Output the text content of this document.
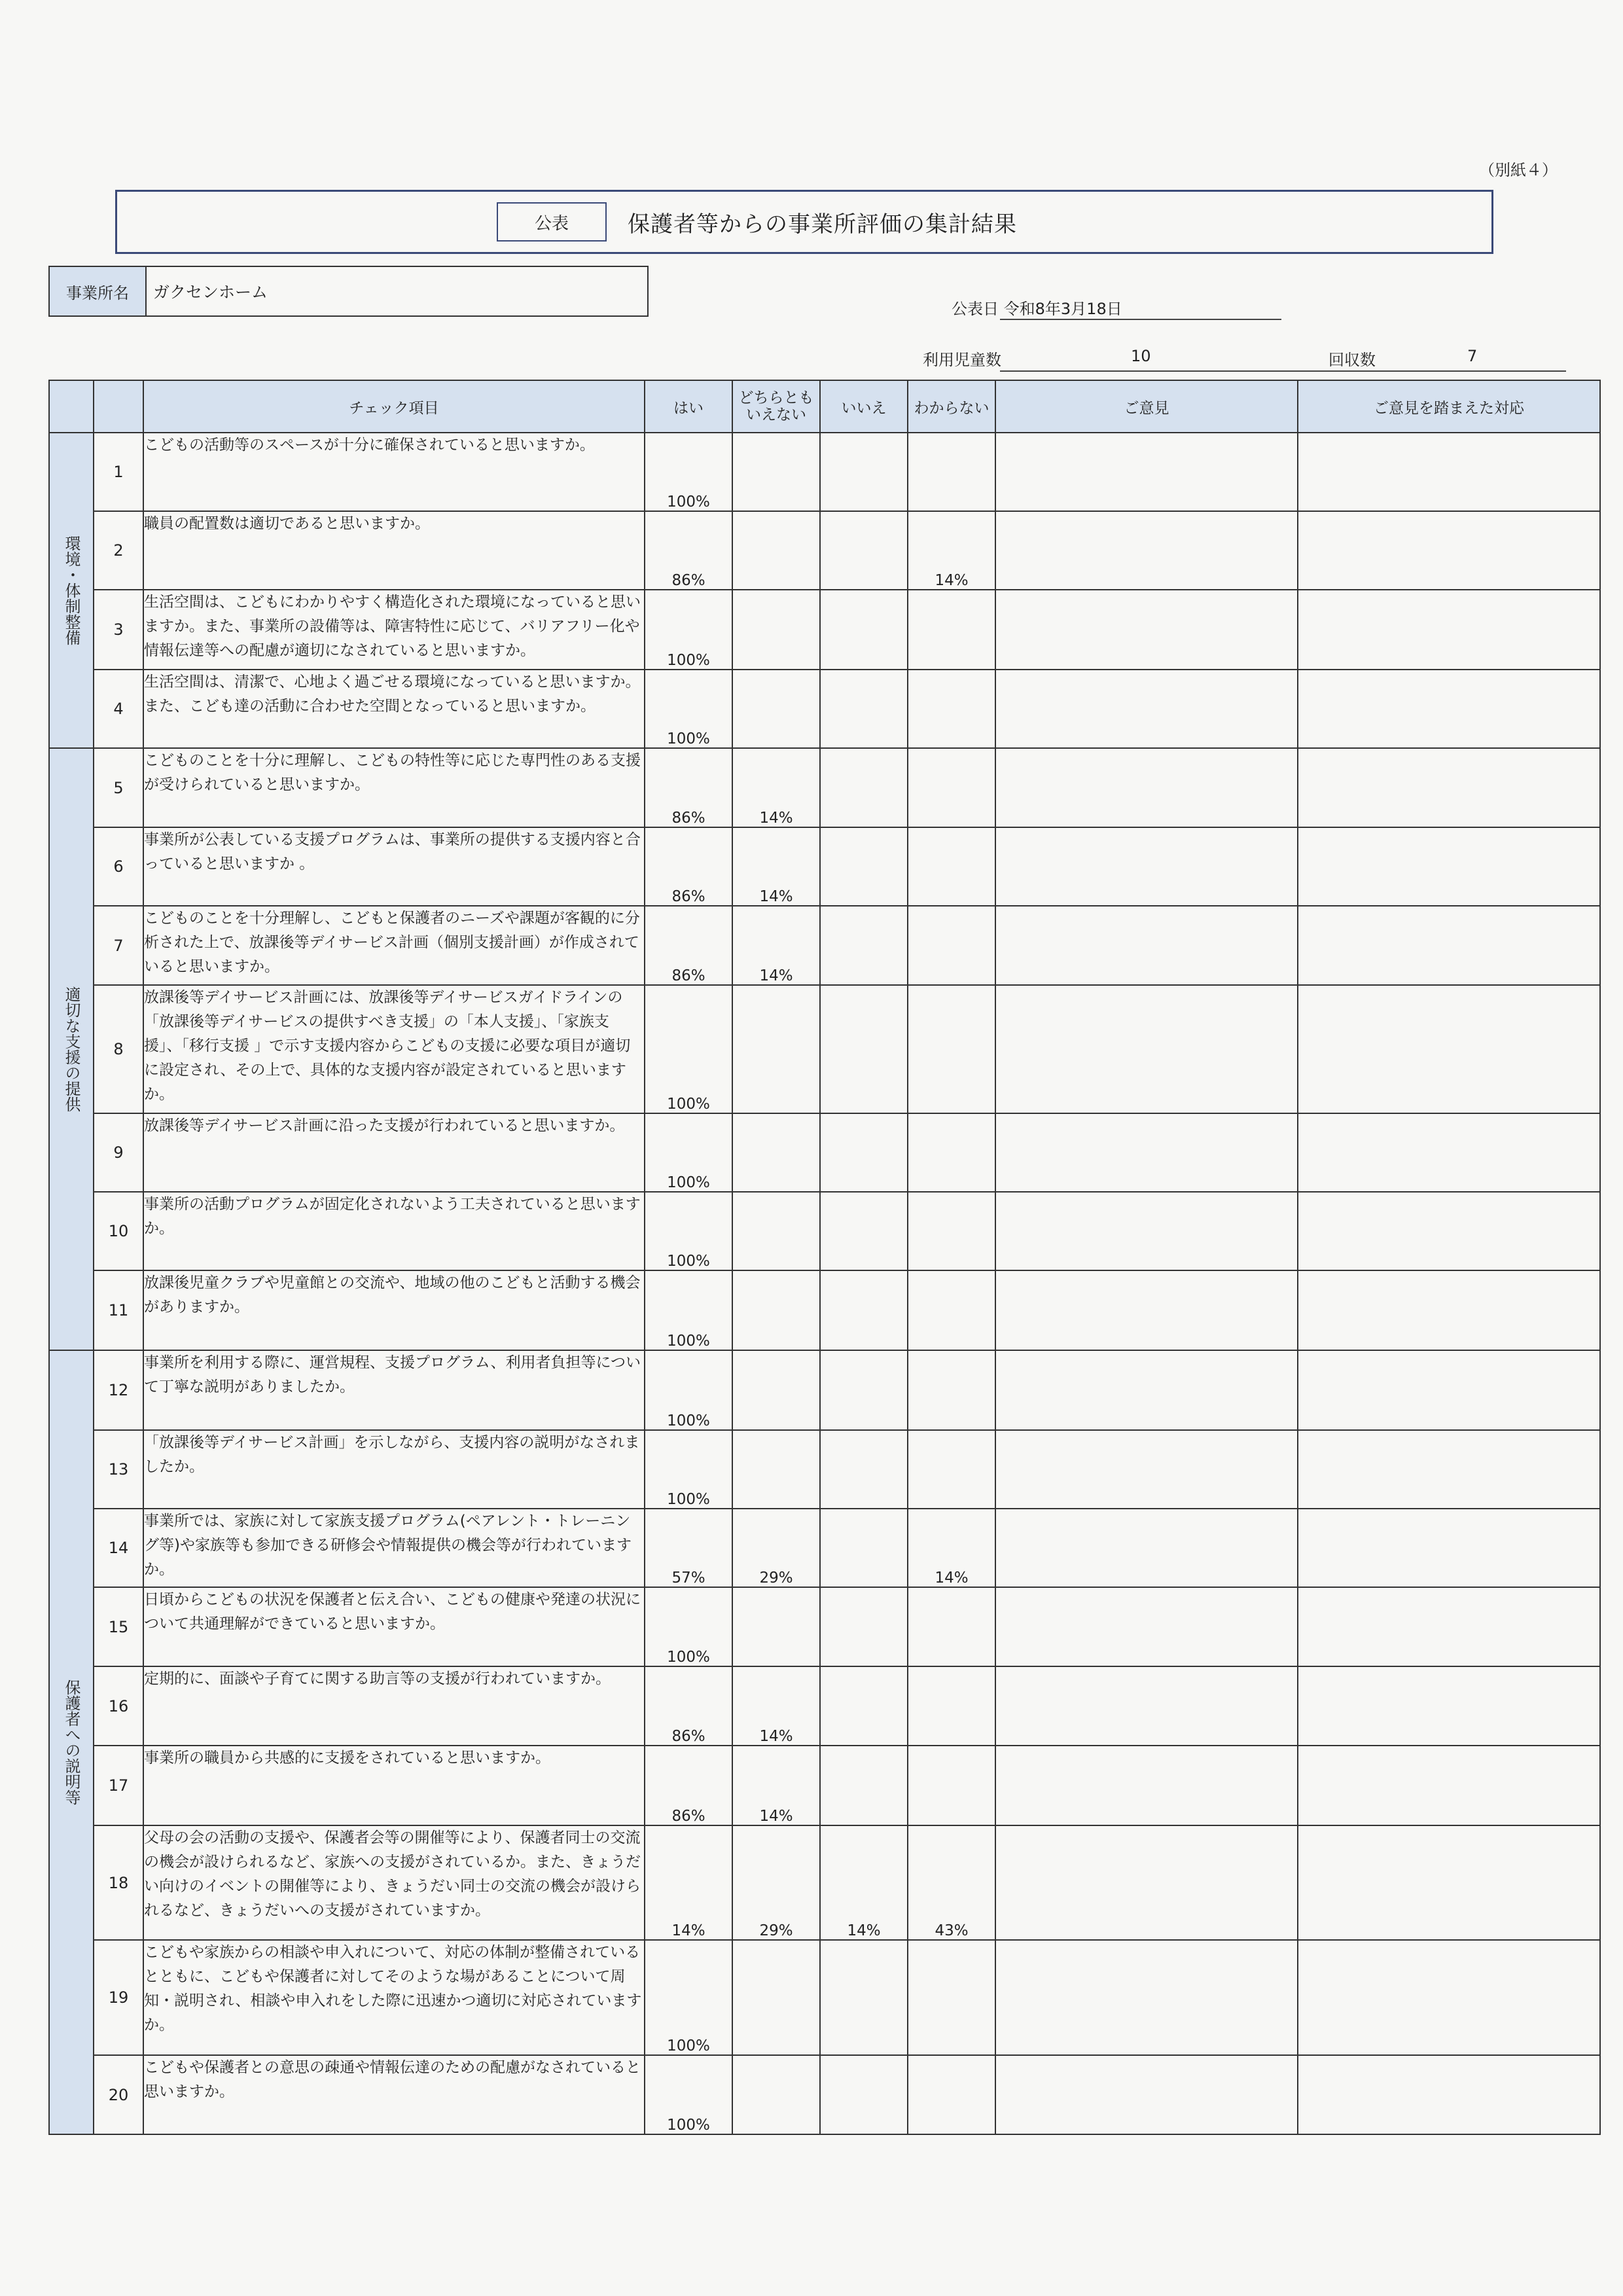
（別紙４）
公表	保護者等からの事業所評価の集計結果
事業所名	ガクセンホーム
公表日 令和8年3月18日
利用児童数	10	回収数	7
		チェック項目	はい	どちらとも
いえない	いいえ	わからない	ご意見	ご意見を踏まえた対応
環境・体制整備	1	こどもの活動等のスペースが十分に確保されていると思いますか。	100%					
	2	職員の配置数は適切であると思いますか。	86%			14%		
	3	生活空間は、こどもにわかりやすく構造化された環境になっていると思いますか。また、事業所の設備等は、障害特性に応じて、バリアフリー化や情報伝達等への配慮が適切になされていると思いますか。	100%					
	4	生活空間は、清潔で、心地よく過ごせる環境になっていると思いますか。また、こども達の活動に合わせた空間となっていると思いますか。	100%					
適切な支援の提供	5	こどものことを十分に理解し、こどもの特性等に応じた専門性のある支援が受けられていると思いますか。	86%	14%				
	6	事業所が公表している支援プログラムは、事業所の提供する支援内容と合っていると思いますか 。	86%	14%				
	7	こどものことを十分理解し、こどもと保護者のニーズや課題が客観的に分析された上で、放課後等デイサービス計画（個別支援計画）が作成されていると思いますか。	86%	14%				
	8	放課後等デイサービス計画には、放課後等デイサービスガイドラインの「放課後等デイサービスの提供すべき支援」の「本人支援」、「家族支援」、「移行支援 」で示す支援内容からこどもの支援に必要な項目が適切に設定され、その上で、具体的な支援内容が設定されていると思いますか。	100%					
	9	放課後等デイサービス計画に沿った支援が行われていると思いますか。	100%					
	10	事業所の活動プログラムが固定化されないよう工夫されていると思いますか。	100%					
	11	放課後児童クラブや児童館との交流や、地域の他のこどもと活動する機会がありますか。	100%					
保護者への説明等	12	事業所を利用する際に、運営規程、支援プログラム、利用者負担等について丁寧な説明がありましたか。	100%					
	13	「放課後等デイサービス計画」を示しながら、支援内容の説明がなされましたか。	100%					
	14	事業所では、家族に対して家族支援プログラム(ペアレント・トレーニング等)や家族等も参加できる研修会や情報提供の機会等が行われていますか。	57%	29%		14%		
	15	日頃からこどもの状況を保護者と伝え合い、こどもの健康や発達の状況について共通理解ができていると思いますか。	100%					
	16	定期的に、面談や子育てに関する助言等の支援が行われていますか。	86%	14%				
	17	事業所の職員から共感的に支援をされていると思いますか。	86%	14%				
	18	父母の会の活動の支援や、保護者会等の開催等により、保護者同士の交流の機会が設けられるなど、家族への支援がされているか。また、きょうだい向けのイベントの開催等により、きょうだい同士の交流の機会が設けられるなど、きょうだいへの支援がされていますか。	14%	29%	14%	43%		
	19	こどもや家族からの相談や申入れについて、対応の体制が整備されているとともに、こどもや保護者に対してそのような場があることについて周知・説明され、相談や申入れをした際に迅速かつ適切に対応されていますか。	100%					
	20	こどもや保護者との意思の疎通や情報伝達のための配慮がなされていると思いますか。	100%					
